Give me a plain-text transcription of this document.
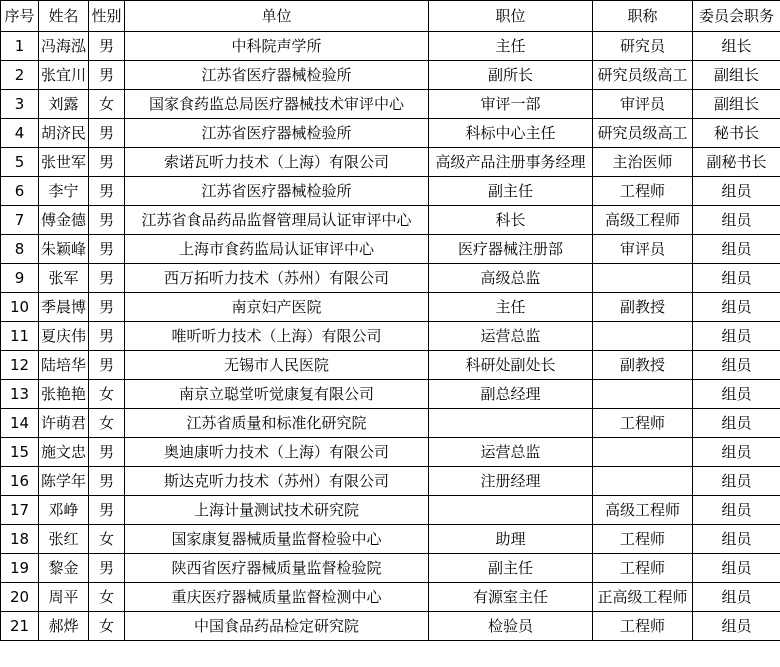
序号	姓名	性别	单位	职位	职称	委员会职务
1	冯海泓	男	中科院声学所	主任	研究员	组长
2	张宜川	男	江苏省医疗器械检验所	副所长	研究员级高工	副组长
3	刘露	女	国家食药监总局医疗器械技术审评中心	审评一部	审评员	副组长
4	胡济民	男	江苏省医疗器械检验所	科标中心主任	研究员级高工	秘书长
5	张世军	男	索诺瓦听力技术（上海）有限公司	高级产品注册事务经理	主治医师	副秘书长
6	李宁	男	江苏省医疗器械检验所	副主任	工程师	组员
7	傅金德	男	江苏省食品药品监督管理局认证审评中心	科长	高级工程师	组员
8	朱颖峰	男	上海市食药监局认证审评中心	医疗器械注册部	审评员	组员
9	张军	男	西万拓听力技术（苏州）有限公司	高级总监		组员
10	季晨博	男	南京妇产医院	主任	副教授	组员
11	夏庆伟	男	唯听听力技术（上海）有限公司	运营总监		组员
12	陆培华	男	无锡市人民医院	科研处副处长	副教授	组员
13	张艳艳	女	南京立聪堂听觉康复有限公司	副总经理		组员
14	许萌君	女	江苏省质量和标准化研究院		工程师	组员
15	施文忠	男	奥迪康听力技术（上海）有限公司	运营总监		组员
16	陈学年	男	斯达克听力技术（苏州）有限公司	注册经理		组员
17	邓峥	男	上海计量测试技术研究院		高级工程师	组员
18	张红	女	国家康复器械质量监督检验中心	助理	工程师	组员
19	黎金	男	陕西省医疗器械质量监督检验院	副主任	工程师	组员
20	周平	女	重庆医疗器械质量监督检测中心	有源室主任	正高级工程师	组员
21	郝烨	女	中国食品药品检定研究院	检验员	工程师	组员
